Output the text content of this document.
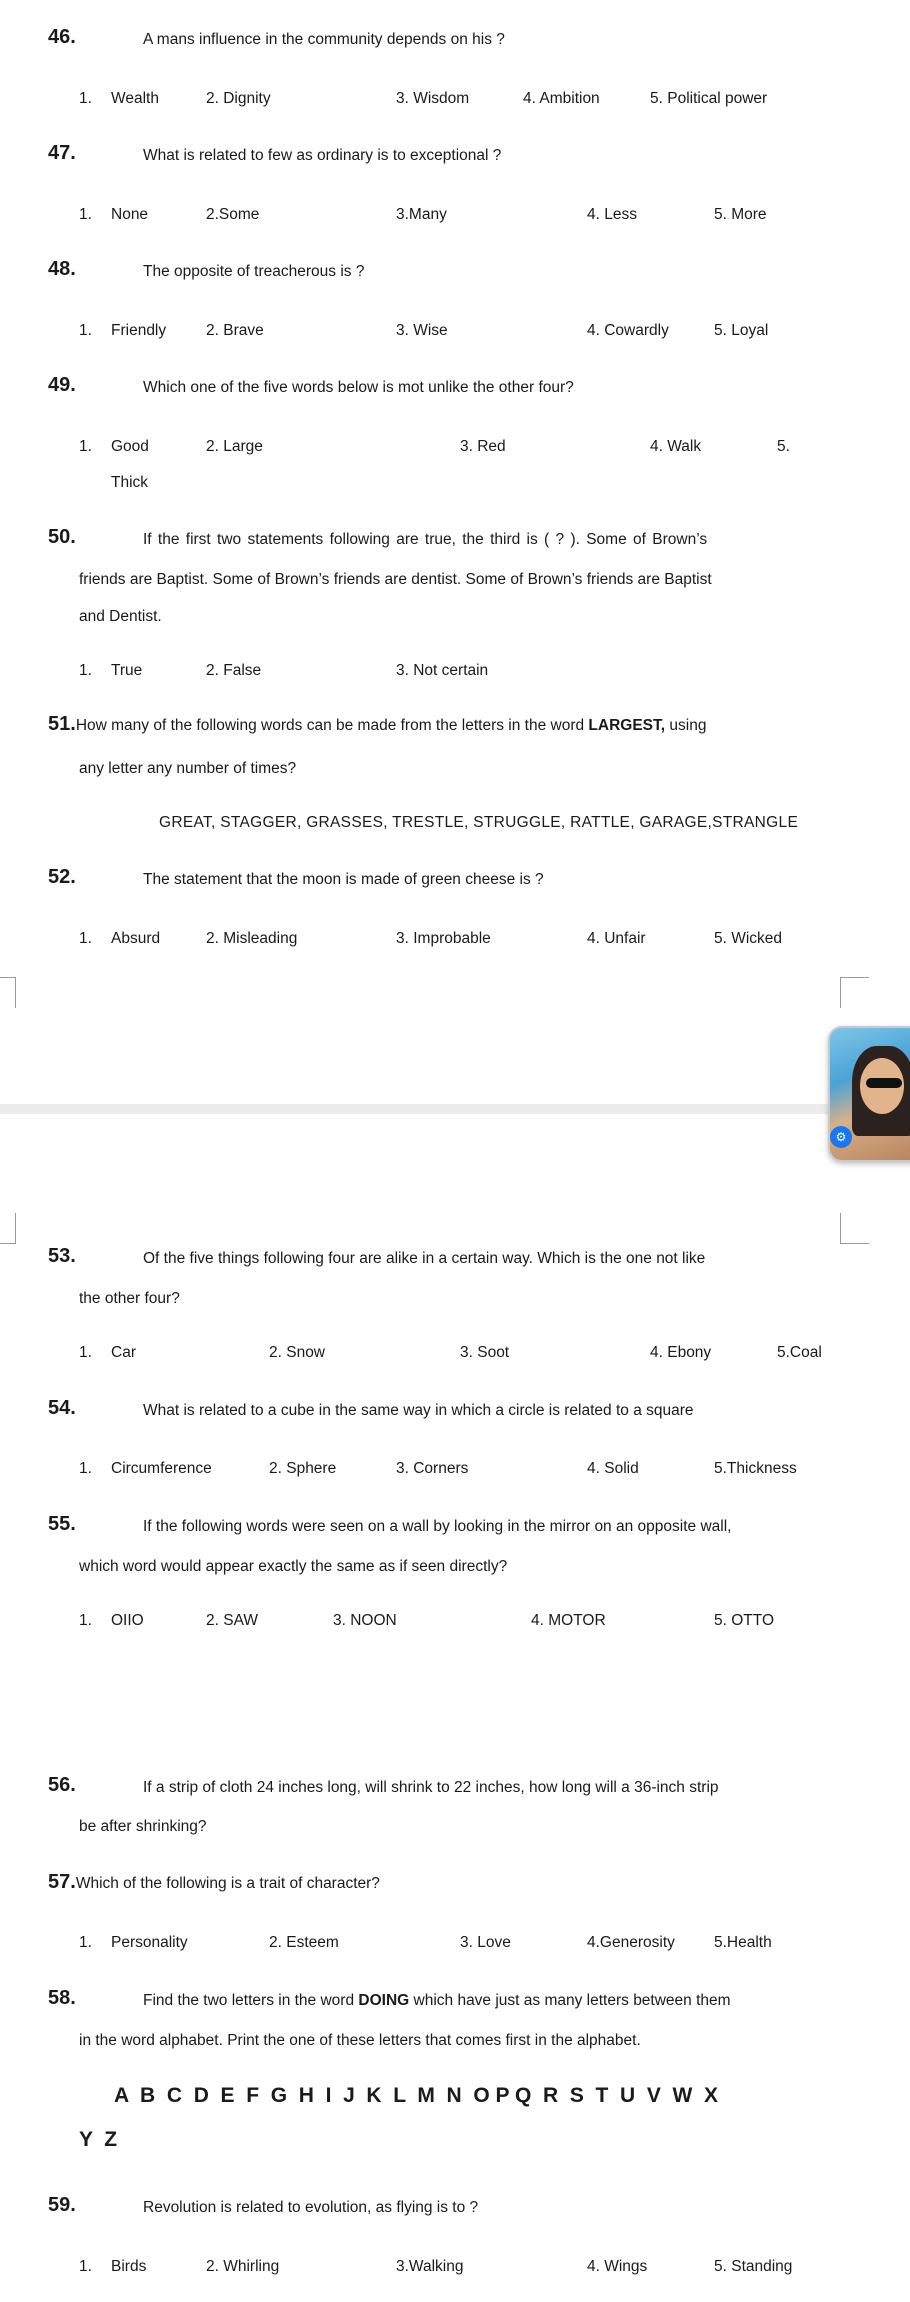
46.	A mans influence in the community depends on his ?
1. Wealth	2. Dignity	3. Wisdom	4. Ambition	5. Political power
47.	What is related to few as ordinary is to exceptional ?
1. None	2.Some	3.Many	4. Less	5. More
48.	The opposite of treacherous is ?
1. Friendly	2. Brave	3. Wise	4. Cowardly	5. Loyal
49.	Which one of the five words below is mot unlike the other four?
1. Good	2. Large	3. Red	4. Walk	5.
Thick
50.	If the first two statements following are true, the third is ( ? ). Some of Brown’s
friends are Baptist. Some of Brown’s friends are dentist. Some of Brown’s friends are Baptist
and Dentist.
1. True	2. False	3. Not certain
51.How many of the following words can be made from the letters in the word LARGEST, using
any letter any number of times?
GREAT, STAGGER, GRASSES, TRESTLE, STRUGGLE, RATTLE, GARAGE,STRANGLE
52.	The statement that the moon is made of green cheese is ?
1. Absurd	2. Misleading	3. Improbable	4. Unfair	5. Wicked
⚙
53.	Of the five things following four are alike in a certain way. Which is the one not like
the other four?
1. Car	2. Snow	3. Soot	4. Ebony	5.Coal
54.	What is related to a cube in the same way in which a circle is related to a square
1. Circumference	2. Sphere	3. Corners	4. Solid	5.Thickness
55.	If the following words were seen on a wall by looking in the mirror on an opposite wall,
which word would appear exactly the same as if seen directly?
1. OIIO	2. SAW	3. NOON	4. MOTOR	5. OTTO
56.	If a strip of cloth 24 inches long, will shrink to 22 inches, how long will a 36-inch strip
be after shrinking?
57.Which of the following is a trait of character?
1. Personality	2. Esteem	3. Love	4.Generosity	5.Health
58.	Find the two letters in the word DOING which have just as many letters between them
in the word alphabet. Print the one of these letters that comes first in the alphabet.
A  B  C  D  E  F  G  H  I  J  K  L  M  N  O P Q  R  S  T  U  V  W  X
Y  Z
59.	Revolution is related to evolution, as flying is to ?
1. Birds	2. Whirling	3.Walking	4. Wings	5. Standing
